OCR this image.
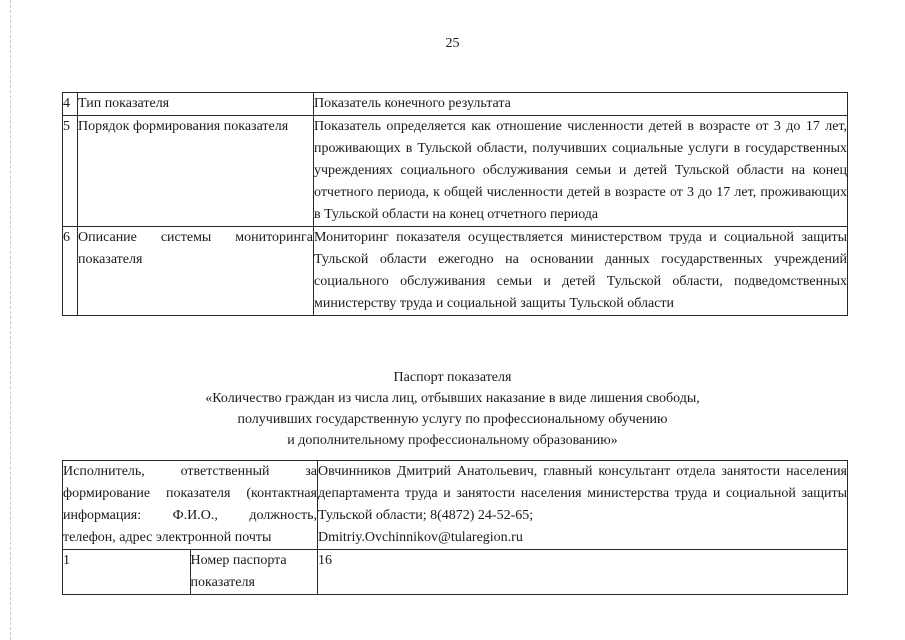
25
4	Тип показателя	Показатель конечного результата
5	Порядок формирования показателя	Показатель определяется как отношение численности детей в возрасте от 3 до 17 лет, проживающих в Тульской области, получивших социальные услуги в государственных учреждениях социального обслуживания семьи и детей Тульской области на конец отчетного периода, к общей численности детей в возрасте от 3 до 17 лет, проживающих в Тульской области на конец отчетного периода
6	Описание системы мониторинга показателя	Мониторинг показателя осуществляется министерством труда и социальной защиты Тульской области ежегодно на основании данных государственных учреждений социального обслуживания семьи и детей Тульской области, подведомственных министерству труда и социальной защиты Тульской области
Паспорт показателя
«Количество граждан из числа лиц, отбывших наказание в виде лишения свободы,
получивших государственную услугу по профессиональному обучению
и дополнительному профессиональному образованию»
Исполнитель, ответственный за формирование показателя (контактная информация: Ф.И.О., должность, телефон, адрес электронной почты		Овчинников Дмитрий Анатольевич, главный консультант отдела занятости населения департамента труда и занятости населения министерства труда и социальной защиты Тульской области; 8(4872) 24-52-65;
Dmitriy.Ovchinnikov@tularegion.ru

1	Номер паспорта показателя	16
